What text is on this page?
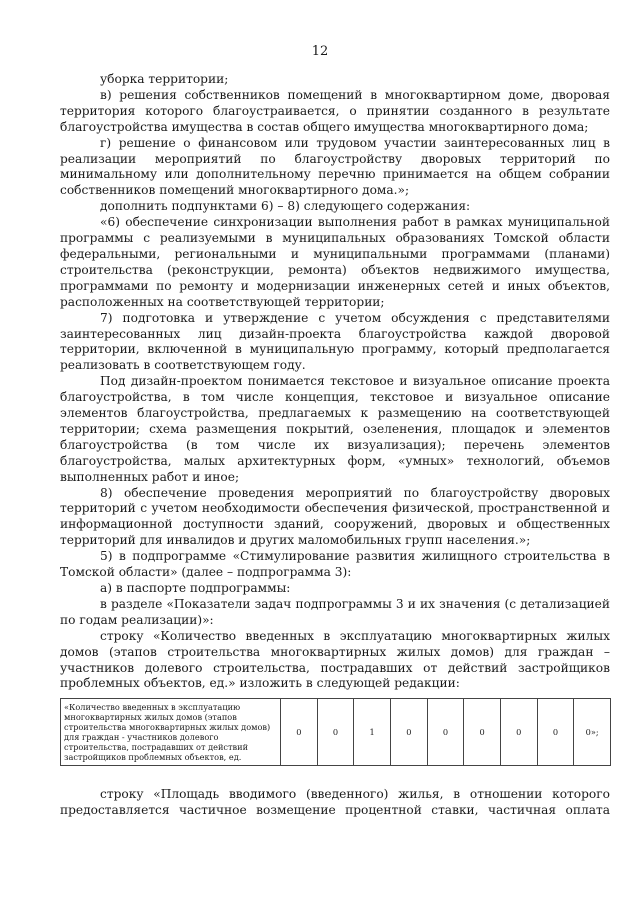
12

уборка территории;

в) решения собственников помещений в многоквартирном доме, дворовая территория которого благоустраивается, о принятии созданного в результате благоустройства имущества в состав общего имущества многоквартирного дома;

г) решение о финансовом или трудовом участии заинтересованных лиц в реализации мероприятий по благоустройству дворовых территорий по минимальному или дополнительному перечню принимается на общем собрании собственников помещений многоквартирного дома.»;

дополнить подпунктами 6) – 8) следующего содержания:

«6) обеспечение синхронизации выполнения работ в рамках муниципальной программы с реализуемыми в муниципальных образованиях Томской области федеральными, региональными и муниципальными программами (планами) строительства (реконструкции, ремонта) объектов недвижимого имущества, программами по ремонту и модернизации инженерных сетей и иных объектов, расположенных на соответствующей территории;

7) подготовка и утверждение с учетом обсуждения с представителями заинтересованных лиц дизайн-проекта благоустройства каждой дворовой территории, включенной в муниципальную программу, который предполагается реализовать в соответствующем году.

Под дизайн-проектом понимается текстовое и визуальное описание проекта благоустройства, в том числе концепция, текстовое и визуальное описание элементов благоустройства, предлагаемых к размещению на соответствующей территории; схема размещения покрытий, озеленения, площадок и элементов благоустройства (в том числе их визуализация); перечень элементов благоустройства, малых архитектурных форм, «умных» технологий, объемов выполненных работ и иное;

8) обеспечение проведения мероприятий по благоустройству дворовых территорий с учетом необходимости обеспечения физической, пространственной и информационной доступности зданий, сооружений, дворовых и общественных территорий для инвалидов и других маломобильных групп населения.»;

5) в подпрограмме «Стимулирование развития жилищного строительства в Томской области» (далее – подпрограмма 3):

а) в паспорте подпрограммы:

в разделе «Показатели задач подпрограммы 3 и их значения (с детализацией по годам реализации)»:

строку «Количество введенных в эксплуатацию многоквартирных жилых домов (этапов строительства многоквартирных жилых домов) для граждан – участников долевого строительства, пострадавших от действий застройщиков проблемных объектов, ед.» изложить в следующей редакции:

«Количество введенных в эксплуатацию многоквартирных жилых домов (этапов строительства многоквартирных жилых домов) для граждан - участников долевого строительства, пострадавших от действий застройщиков проблемных объектов, ед.	0	0	1	0	0	0	0	0	0»;

строку «Площадь вводимого (введенного) жилья, в отношении которого предоставляется частичное возмещение процентной ставки, частичная оплата
